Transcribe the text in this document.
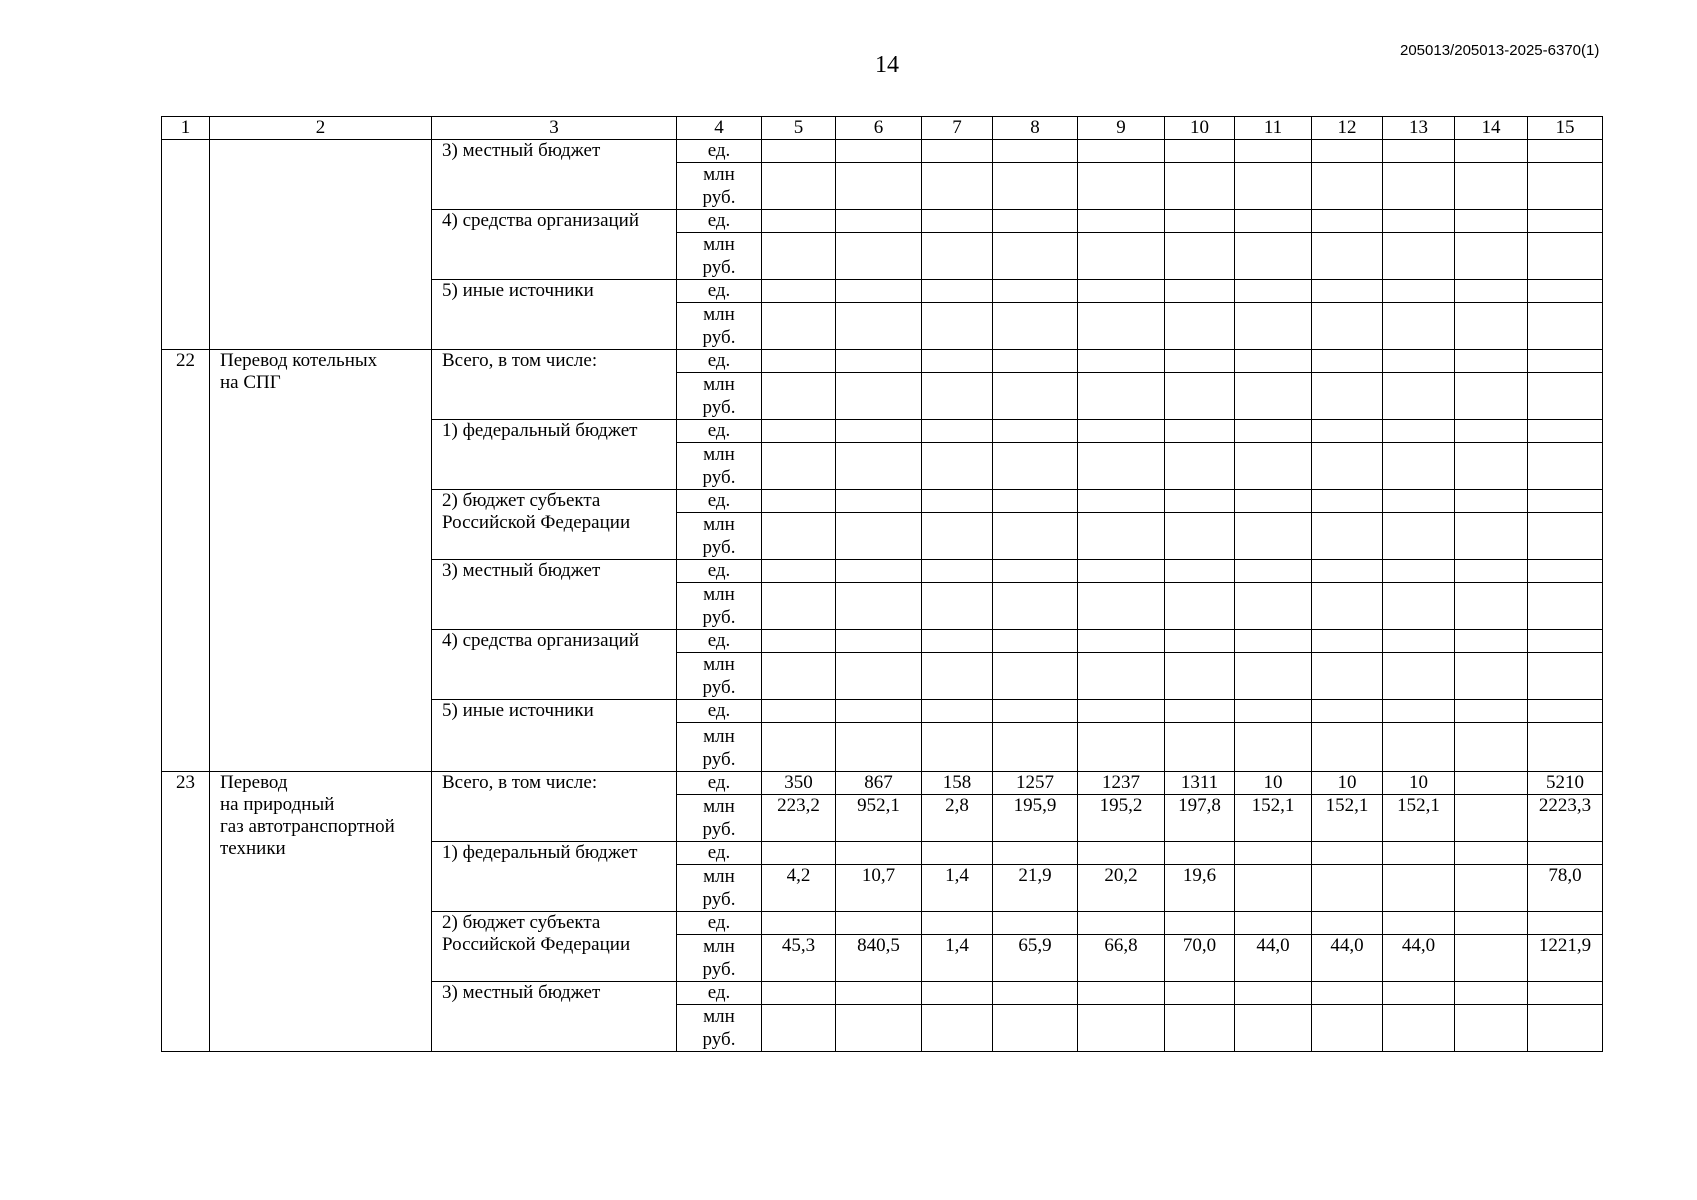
14
205013/205013-2025-6370(1)
1	2	3	4	5	6	7	8	9	10	11	12	13	14	15

		3) местный бюджет	ед.											

			млн
руб.											

		4) средства организаций	ед.											

			млн
руб.											

		5) иные источники	ед.											

			млн
руб.											

22	Перевод котельных
на СПГ	Всего, в том числе:	ед.											

			млн
руб.											

		1) федеральный бюджет	ед.											

			млн
руб.											

		2) бюджет субъекта
Российской Федерации	ед.											

			млн
руб.											

		3) местный бюджет	ед.											

			млн
руб.											

		4) средства организаций	ед.											

			млн
руб.											

		5) иные источники	ед.											

			млн
руб.											

23	Перевод
на природный
газ автотранспортной
техники	Всего, в том числе:	ед.	350	867	158	1257	1237	1311	10	10	10		5210

			млн
руб.	223,2	952,1	2,8	195,9	195,2	197,8	152,1	152,1	152,1		2223,3

		1) федеральный бюджет	ед.											

			млн
руб.	4,2	10,7	1,4	21,9	20,2	19,6					78,0

		2) бюджет субъекта
Российской Федерации	ед.											

			млн
руб.	45,3	840,5	1,4	65,9	66,8	70,0	44,0	44,0	44,0		1221,9

		3) местный бюджет	ед.											

			млн
руб.											
